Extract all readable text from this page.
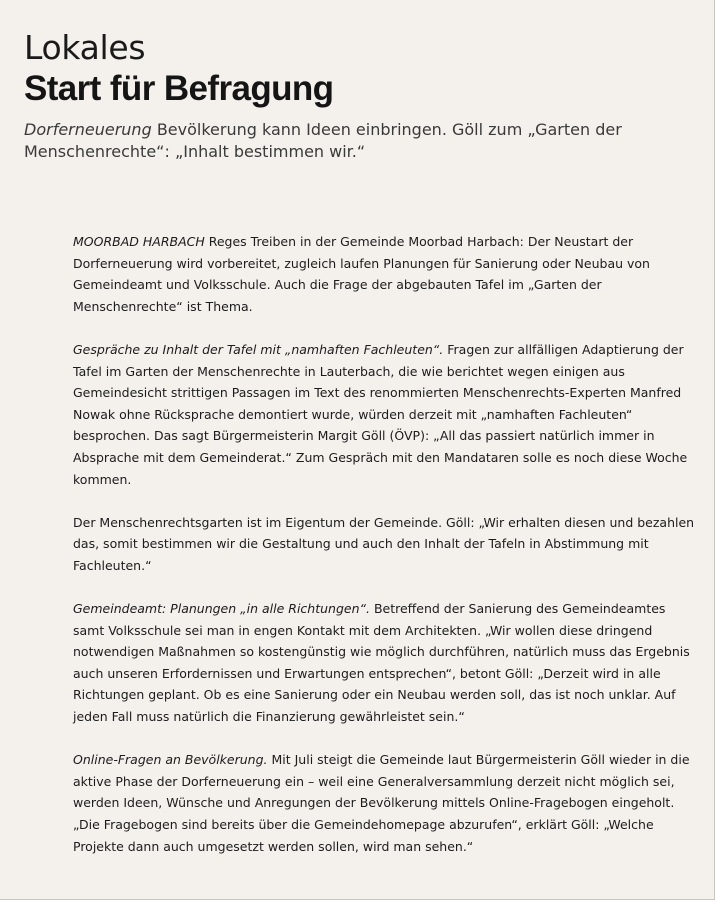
Lokales
Start für Befragung
Dorferneuerung Bevölkerung kann Ideen einbringen. Göll zum „Garten der Menschenrechte“: „Inhalt bestimmen wir.“

MOORBAD HARBACH Reges Treiben in der Gemeinde Moorbad Harbach: Der Neustart der Dorferneuerung wird vorbereitet, zugleich laufen Planungen für Sanierung oder Neubau von Gemeindeamt und Volksschule. Auch die Frage der abgebauten Tafel im „Garten der Menschenrechte“ ist Thema.

Gespräche zu Inhalt der Tafel mit „namhaften Fachleuten“. Fragen zur allfälligen Adaptierung der Tafel im Garten der Menschenrechte in Lauterbach, die wie berichtet wegen einigen aus Gemeindesicht strittigen Passagen im Text des renommierten Menschenrechts-Experten Manfred Nowak ohne Rücksprache demontiert wurde, würden derzeit mit „namhaften Fachleuten“ besprochen. Das sagt Bürgermeisterin Margit Göll (ÖVP): „All das passiert natürlich immer in Absprache mit dem Gemeinderat.“ Zum Gespräch mit den Mandataren solle es noch diese Woche kommen.

Der Menschenrechtsgarten ist im Eigentum der Gemeinde. Göll: „Wir erhalten diesen und bezahlen das, somit bestimmen wir die Gestaltung und auch den Inhalt der Tafeln in Abstimmung mit Fachleuten.“

Gemeindeamt: Planungen „in alle Richtungen“. Betreffend der Sanierung des Gemeindeamtes samt Volksschule sei man in engen Kontakt mit dem Architekten. „Wir wollen diese dringend notwendigen Maßnahmen so kostengünstig wie möglich durchführen, natürlich muss das Ergebnis auch unseren Erfordernissen und Erwartungen entsprechen“, betont Göll: „Derzeit wird in alle Richtungen geplant. Ob es eine Sanierung oder ein Neubau werden soll, das ist noch unklar. Auf jeden Fall muss natürlich die Finanzierung gewährleistet sein.“

Online-Fragen an Bevölkerung. Mit Juli steigt die Gemeinde laut Bürgermeisterin Göll wieder in die aktive Phase der Dorferneuerung ein – weil eine Generalversammlung derzeit nicht möglich sei, werden Ideen, Wünsche und Anregungen der Bevölkerung mittels Online-Fragebogen eingeholt. „Die Fragebogen sind bereits über die Gemeindehomepage abzurufen“, erklärt Göll: „Welche Projekte dann auch umgesetzt werden sollen, wird man sehen.“
